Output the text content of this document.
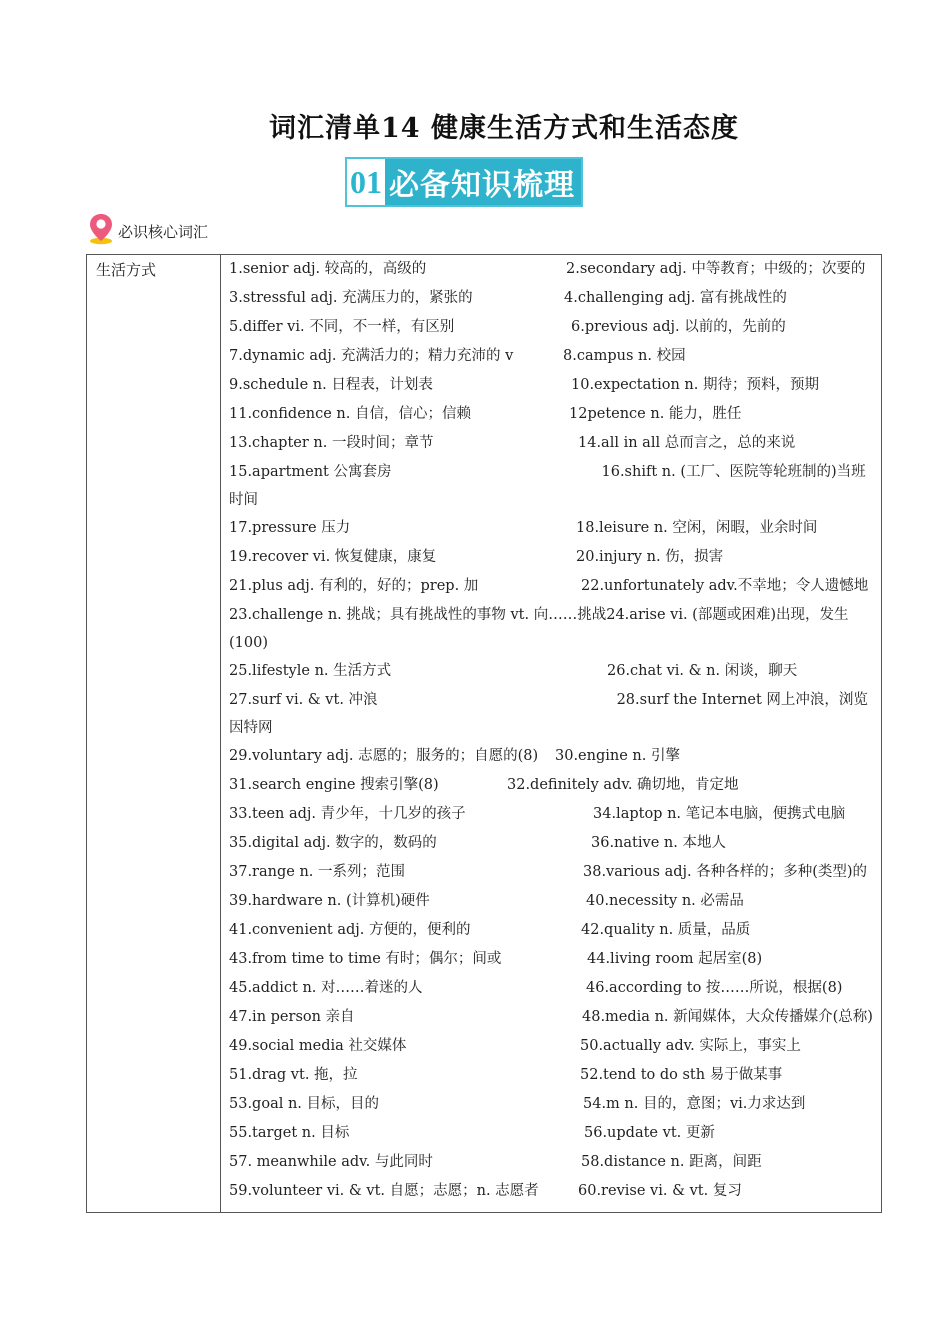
词汇清单14 健康生活方式和生活态度
01 必备知识梳理
必识核心词汇
生活方式	1.senior adj. 较高的，高级的	2.secondary adj. 中等教育；中级的；次要的
3.stressful adj. 充满压力的，紧张的	4.challenging adj. 富有挑战性的
5.differ vi. 不同，不一样，有区别	6.previous adj. 以前的，先前的
7.dynamic adj. 充满活力的；精力充沛的 v	8.campus n. 校园
9.schedule n. 日程表，计划表	10.expectation n. 期待；预料，预期
11.confidence n. 自信，信心；信赖	12petence n. 能力，胜任
13.chapter n. 一段时间；章节	14.all in all 总而言之，总的来说
15.apartment 公寓套房	16.shift n. (工厂、医院等轮班制的)当班时间
17.pressure 压力	18.leisure n. 空闲，闲暇，业余时间
19.recover vi. 恢复健康，康复	20.injury n. 伤，损害
21.plus adj. 有利的，好的；prep. 加	22.unfortunately adv.不幸地；令人遗憾地
23.challenge n. 挑战；具有挑战性的事物 vt. 向……挑战24.arise vi. (部题或困难)出现，发生(100)
25.lifestyle n. 生活方式	26.chat vi. & n. 闲谈，聊天
27.surf vi. & vt. 冲浪	28.surf the Internet 网上冲浪，浏览因特网
29.voluntary adj. 志愿的；服务的；自愿的(8)	30.engine n. 引擎
31.search engine 搜索引擎(8)	32.definitely adv. 确切地，肯定地
33.teen adj. 青少年，十几岁的孩子	34.laptop n. 笔记本电脑，便携式电脑
35.digital adj. 数字的，数码的	36.native n. 本地人
37.range n. 一系列；范围	38.various adj. 各种各样的；多种(类型)的
39.hardware n. (计算机)硬件	40.necessity n. 必需品
41.convenient adj. 方便的，便利的	42.quality n. 质量，品质
43.from time to time 有时；偶尔；间或	44.living room 起居室(8)
45.addict n. 对……着迷的人	46.according to 按……所说，根据(8)
47.in person 亲自	48.media n. 新闻媒体，大众传播媒介(总称)
49.social media 社交媒体	50.actually adv. 实际上，事实上
51.drag vt. 拖，拉	52.tend to do sth 易于做某事
53.goal n. 目标，目的	54.m n. 目的，意图；vi.力求达到
55.target n. 目标	56.update vt. 更新
57. meanwhile adv. 与此同时	58.distance n. 距离，间距
59.volunteer vi. & vt. 自愿；志愿；n. 志愿者	60.revise vi. & vt. 复习
